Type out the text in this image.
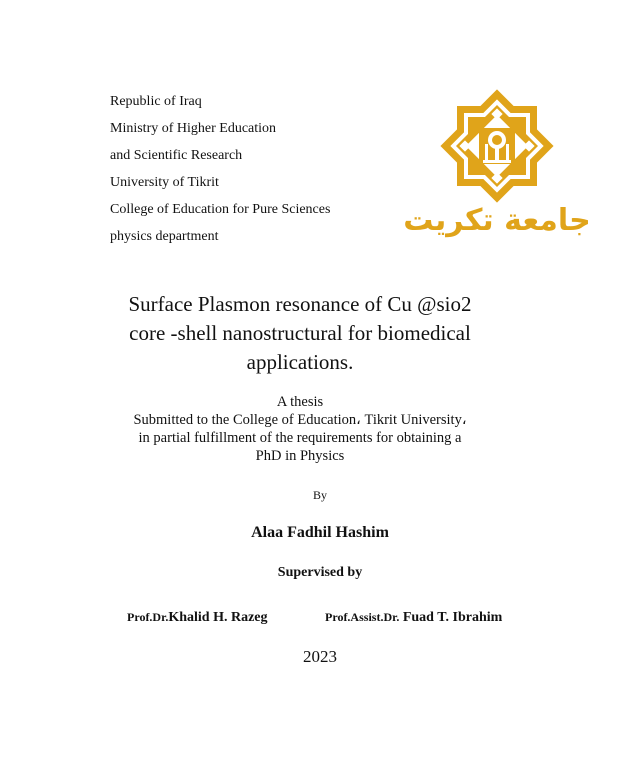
Republic of Iraq
Ministry of Higher Education
and Scientific Research
University of Tikrit
College of Education for Pure Sciences
physics department	جامعة تكريت
Surface Plasmon resonance of Cu @sio2
core -shell nanostructural for biomedical
applications.
A thesis
Submitted to the College of Education، Tikrit University،
in partial fulfillment of the requirements for obtaining a
PhD in Physics
By
Alaa Fadhil Hashim
Supervised by
Prof.Dr.Khalid H. Razeg	Prof.Assist.Dr. Fuad T. Ibrahim
2023
